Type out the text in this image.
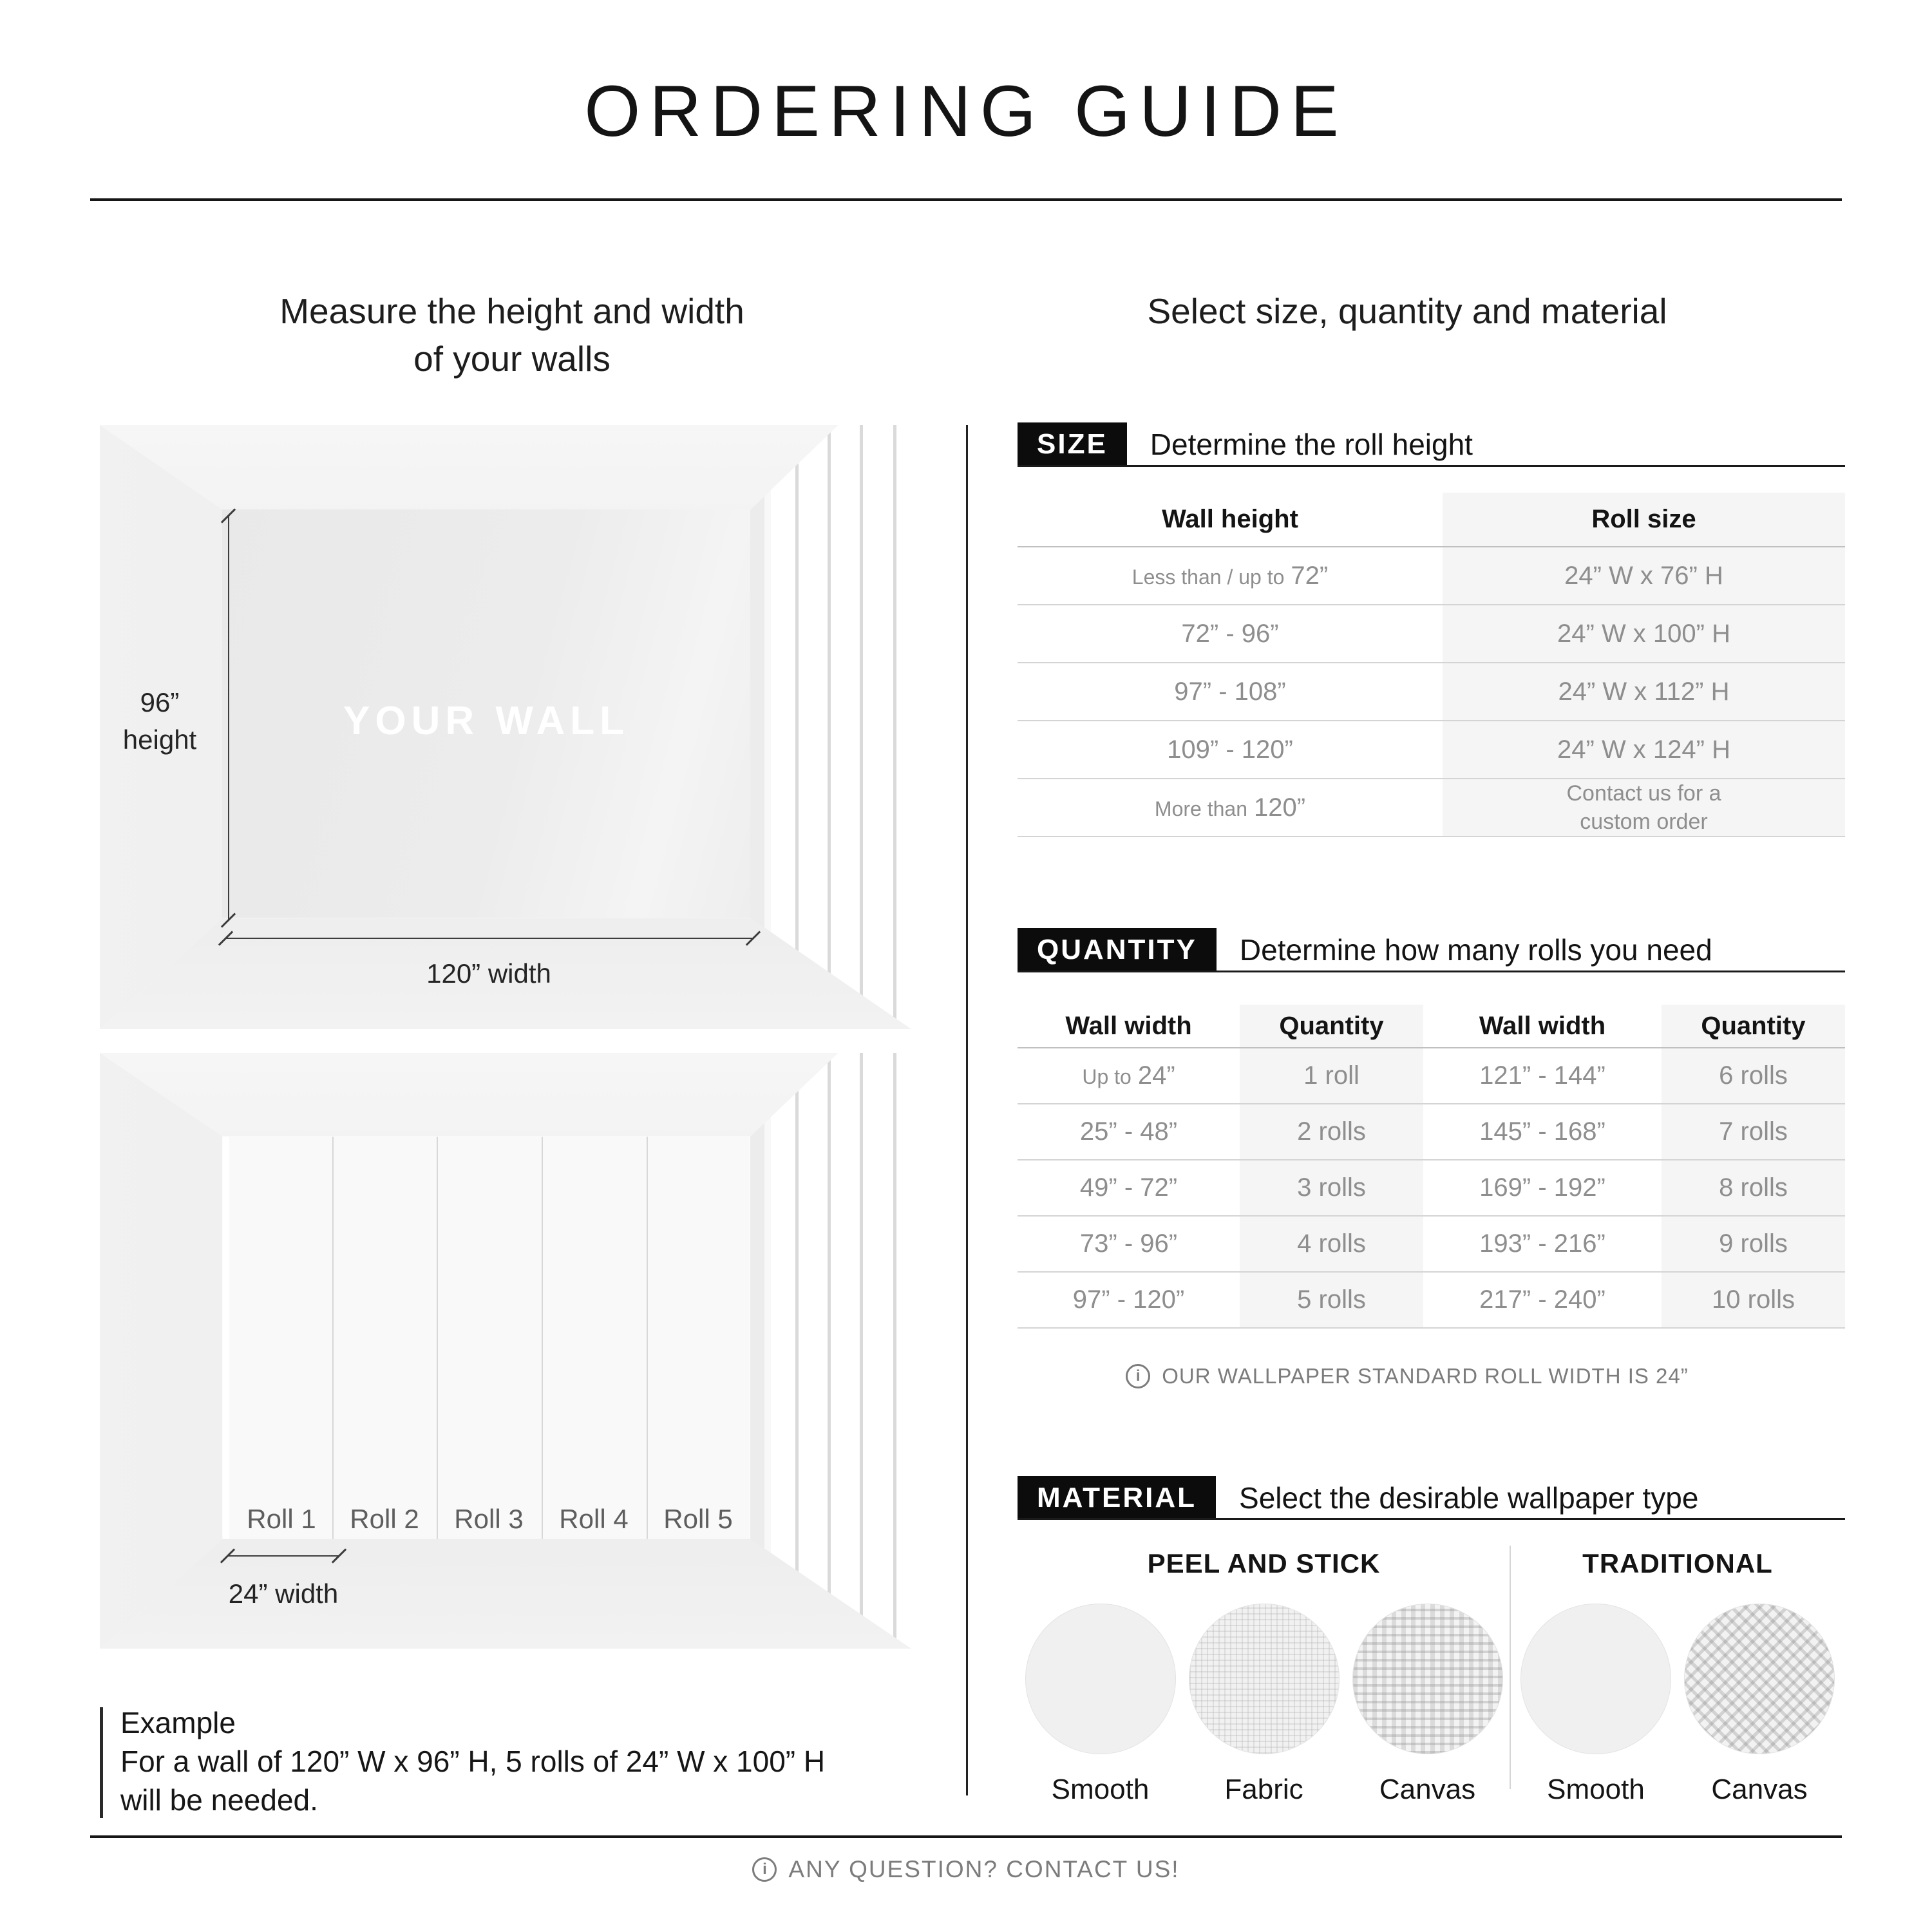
ORDERING GUIDE
Measure the height and width
of your walls
Select size, quantity and material
96”
height	YOUR WALL
120” width
Roll 1	Roll 2	Roll 3	Roll 4	Roll 5
24” width
Example
For a wall of 120” W x 96” H, 5 rolls of 24” W x 100” H
will be needed.
SIZE	Determine the roll height
Wall height	Roll size
Less than / up to 72”	24” W x 76” H
72” - 96”	24” W x 100” H
97” - 108”	24” W x 112” H
109” - 120”	24” W x 124” H
More than 120”	Contact us for a custom order
QUANTITY	Determine how many rolls you need
Wall width	Quantity	Wall width	Quantity
Up to 24”	1 roll	121” - 144”	6 rolls
25” - 48”	2 rolls	145” - 168”	7 rolls
49” - 72”	3 rolls	169” - 192”	8 rolls
73” - 96”	4 rolls	193” - 216”	9 rolls
97” - 120”	5 rolls	217” - 240”	10 rolls
i	OUR WALLPAPER STANDARD ROLL WIDTH IS 24”
MATERIAL	Select the desirable wallpaper type
PEEL AND STICK
Smooth	Fabric	Canvas
TRADITIONAL
Smooth Canvas
i ANY QUESTION? CONTACT US!
